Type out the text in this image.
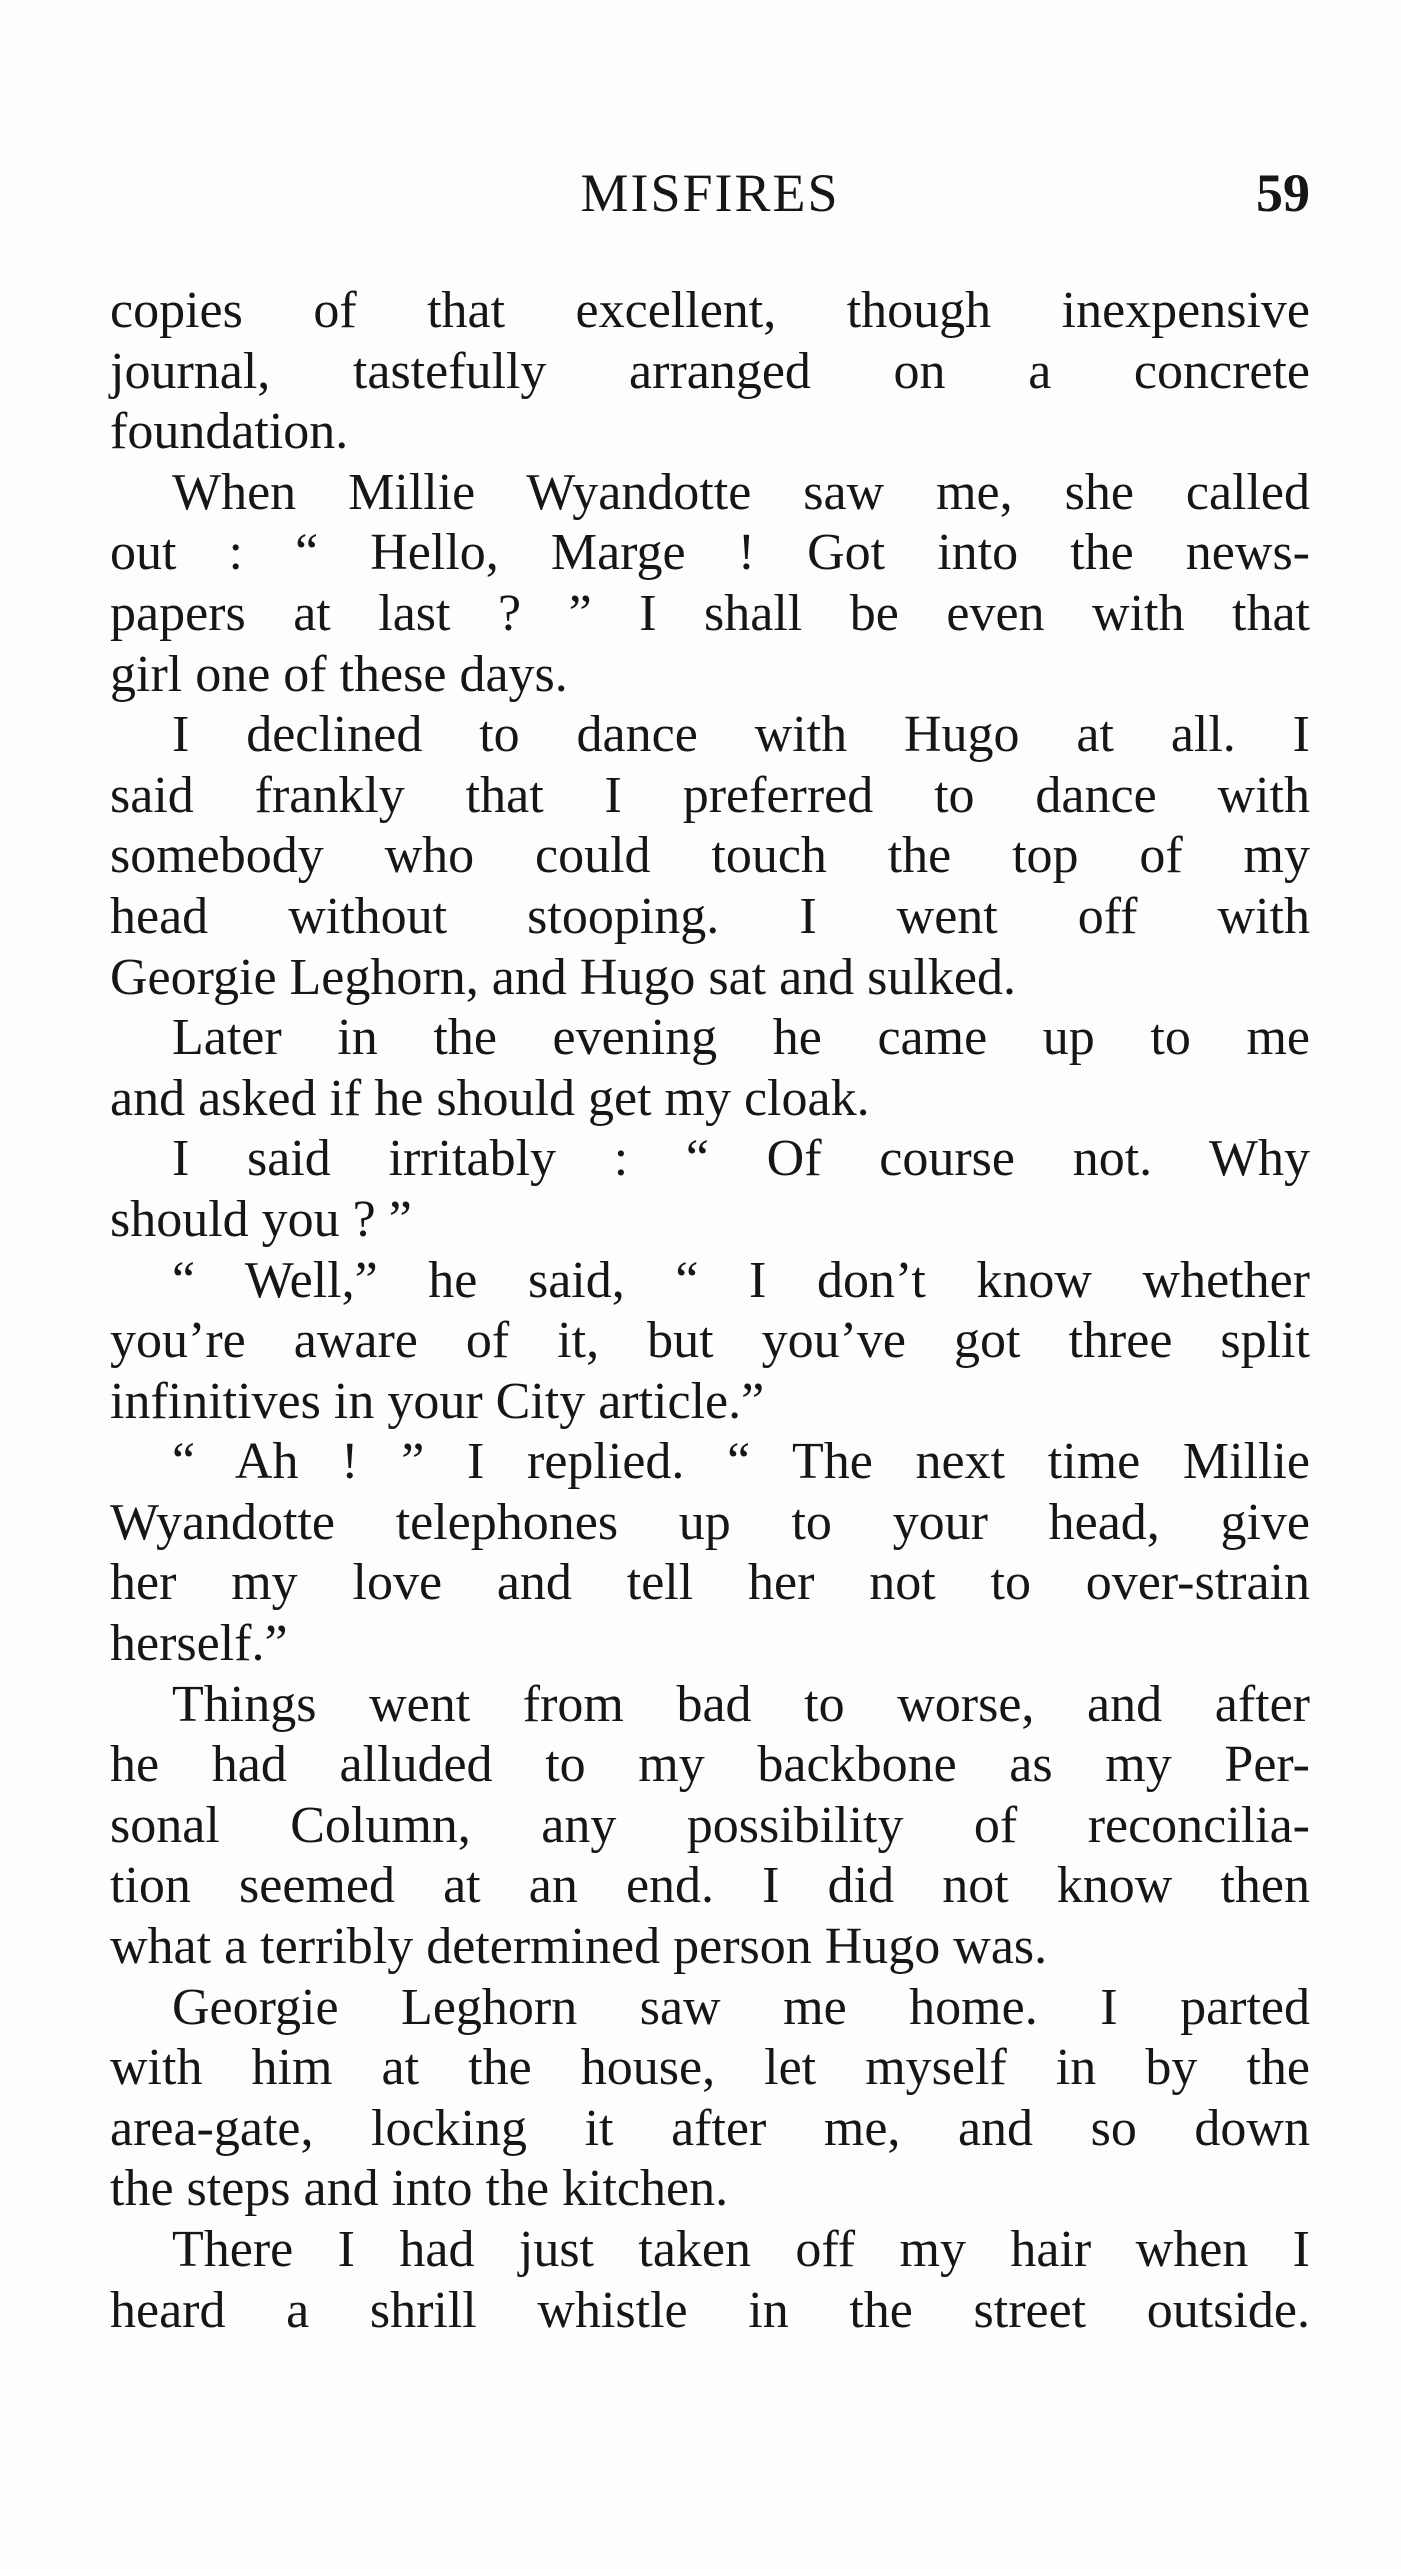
MISFIRES	59
copies of that excellent, though inexpensive
journal, tastefully arranged on a concrete
foundation.
When Millie Wyandotte saw me, she called
out : “ Hello, Marge ! Got into the news-
papers at last ? ” I shall be even with that
girl one of these days.
I declined to dance with Hugo at all. I
said frankly that I preferred to dance with
somebody who could touch the top of my
head without stooping. I went off with
Georgie Leghorn, and Hugo sat and sulked.
Later in the evening he came up to me
and asked if he should get my cloak.
I said irritably : “ Of course not. Why
should you ? ”
“ Well,” he said, “ I don’t know whether
you’re aware of it, but you’ve got three split
infinitives in your City article.”
“ Ah ! ” I replied. “ The next time Millie
Wyandotte telephones up to your head, give
her my love and tell her not to over-strain
herself.”
Things went from bad to worse, and after
he had alluded to my backbone as my Per-
sonal Column, any possibility of reconcilia-
tion seemed at an end. I did not know then
what a terribly determined person Hugo was.
Georgie Leghorn saw me home. I parted
with him at the house, let myself in by the
area-gate, locking it after me, and so down
the steps and into the kitchen.
There I had just taken off my hair when I
heard a shrill whistle in the street outside.
